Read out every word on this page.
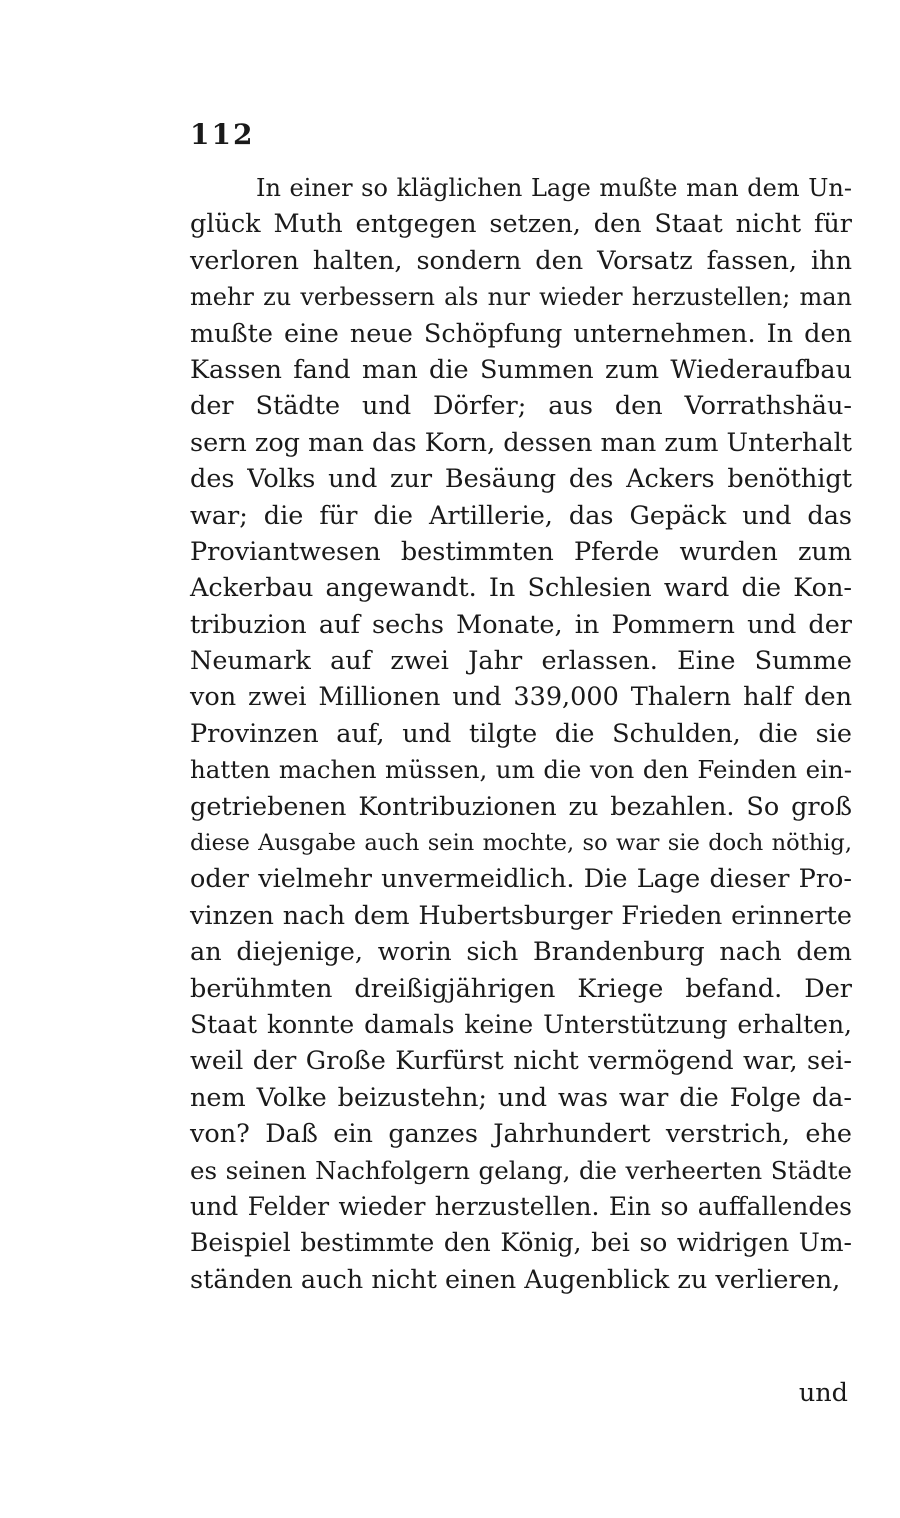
112
In einer so kläglichen Lage mußte man dem Un-
glück Muth entgegen setzen, den Staat nicht für
verloren halten, sondern den Vorsatz fassen, ihn
mehr zu verbessern als nur wieder herzustellen; man
mußte eine neue Schöpfung unternehmen. In den
Kassen fand man die Summen zum Wiederaufbau
der Städte und Dörfer; aus den Vorrathshäu-
sern zog man das Korn, dessen man zum Unterhalt
des Volks und zur Besäung des Ackers benöthigt
war; die für die Artillerie, das Gepäck und das
Proviantwesen bestimmten Pferde wurden zum
Ackerbau angewandt. In Schlesien ward die Kon-
tribuzion auf sechs Monate, in Pommern und der
Neumark auf zwei Jahr erlassen. Eine Summe
von zwei Millionen und 339,000 Thalern half den
Provinzen auf, und tilgte die Schulden, die sie
hatten machen müssen, um die von den Feinden ein-
getriebenen Kontribuzionen zu bezahlen. So groß
diese Ausgabe auch sein mochte, so war sie doch nöthig,
oder vielmehr unvermeidlich. Die Lage dieser Pro-
vinzen nach dem Hubertsburger Frieden erinnerte
an diejenige, worin sich Brandenburg nach dem
berühmten dreißigjährigen Kriege befand. Der
Staat konnte damals keine Unterstützung erhalten,
weil der Große Kurfürst nicht vermögend war, sei-
nem Volke beizustehn; und was war die Folge da-
von? Daß ein ganzes Jahrhundert verstrich, ehe
es seinen Nachfolgern gelang, die verheerten Städte
und Felder wieder herzustellen. Ein so auffallendes
Beispiel bestimmte den König, bei so widrigen Um-
ständen auch nicht einen Augenblick zu verlieren,
und
